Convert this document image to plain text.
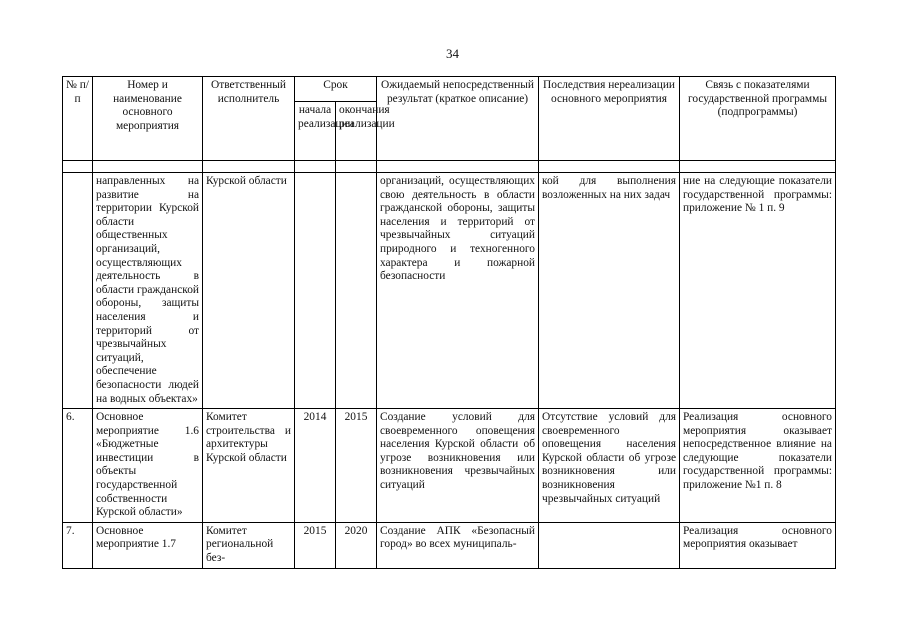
34
№ п/п	Номер и наименование основного мероприятия	Ответственный исполнитель	Срок		Ожидаемый непосредственный результат (краткое описание)	Последствия нереализации основного мероприятия	Связь с показателями государственной программы (подпрограммы)
			начала реализации	окончания реализации			

	направленных на развитие на территории Курской области общественных организаций, осуществляющих деятельность в области гражданской обороны, защиты населения и территорий от чрезвычайных ситуаций, обеспечение безопасности людей на водных объектах»	Курской области			организаций, осуществляющих свою деятельность в области гражданской обороны, защиты населения и территорий от чрезвычайных ситуаций природного и техногенного характера и пожарной безопасности	кой для выполнения возложенных на них задач	ние на следующие показатели государственной программы: приложение № 1 п. 9
6.	Основное мероприятие 1.6 «Бюджетные инвестиции в объекты государственной собственности Курской области»	Комитет строительства и архитектуры Курской области	2014	2015	Создание условий для своевременного оповещения населения Курской области об угрозе возникновения или возникновения чрезвычайных ситуаций	Отсутствие условий для своевременного оповещения населения Курской области об угрозе возникновения или возникновения чрезвычайных ситуаций	Реализация основного мероприятия оказывает непосредственное влияние на следующие показатели государственной программы: приложение №1 п. 8
7.	Основное мероприятие 1.7	Комитет региональной без-	2015	2020	Создание АПК «Безопасный город» во всех муниципаль-		Реализация основного мероприятия оказывает
